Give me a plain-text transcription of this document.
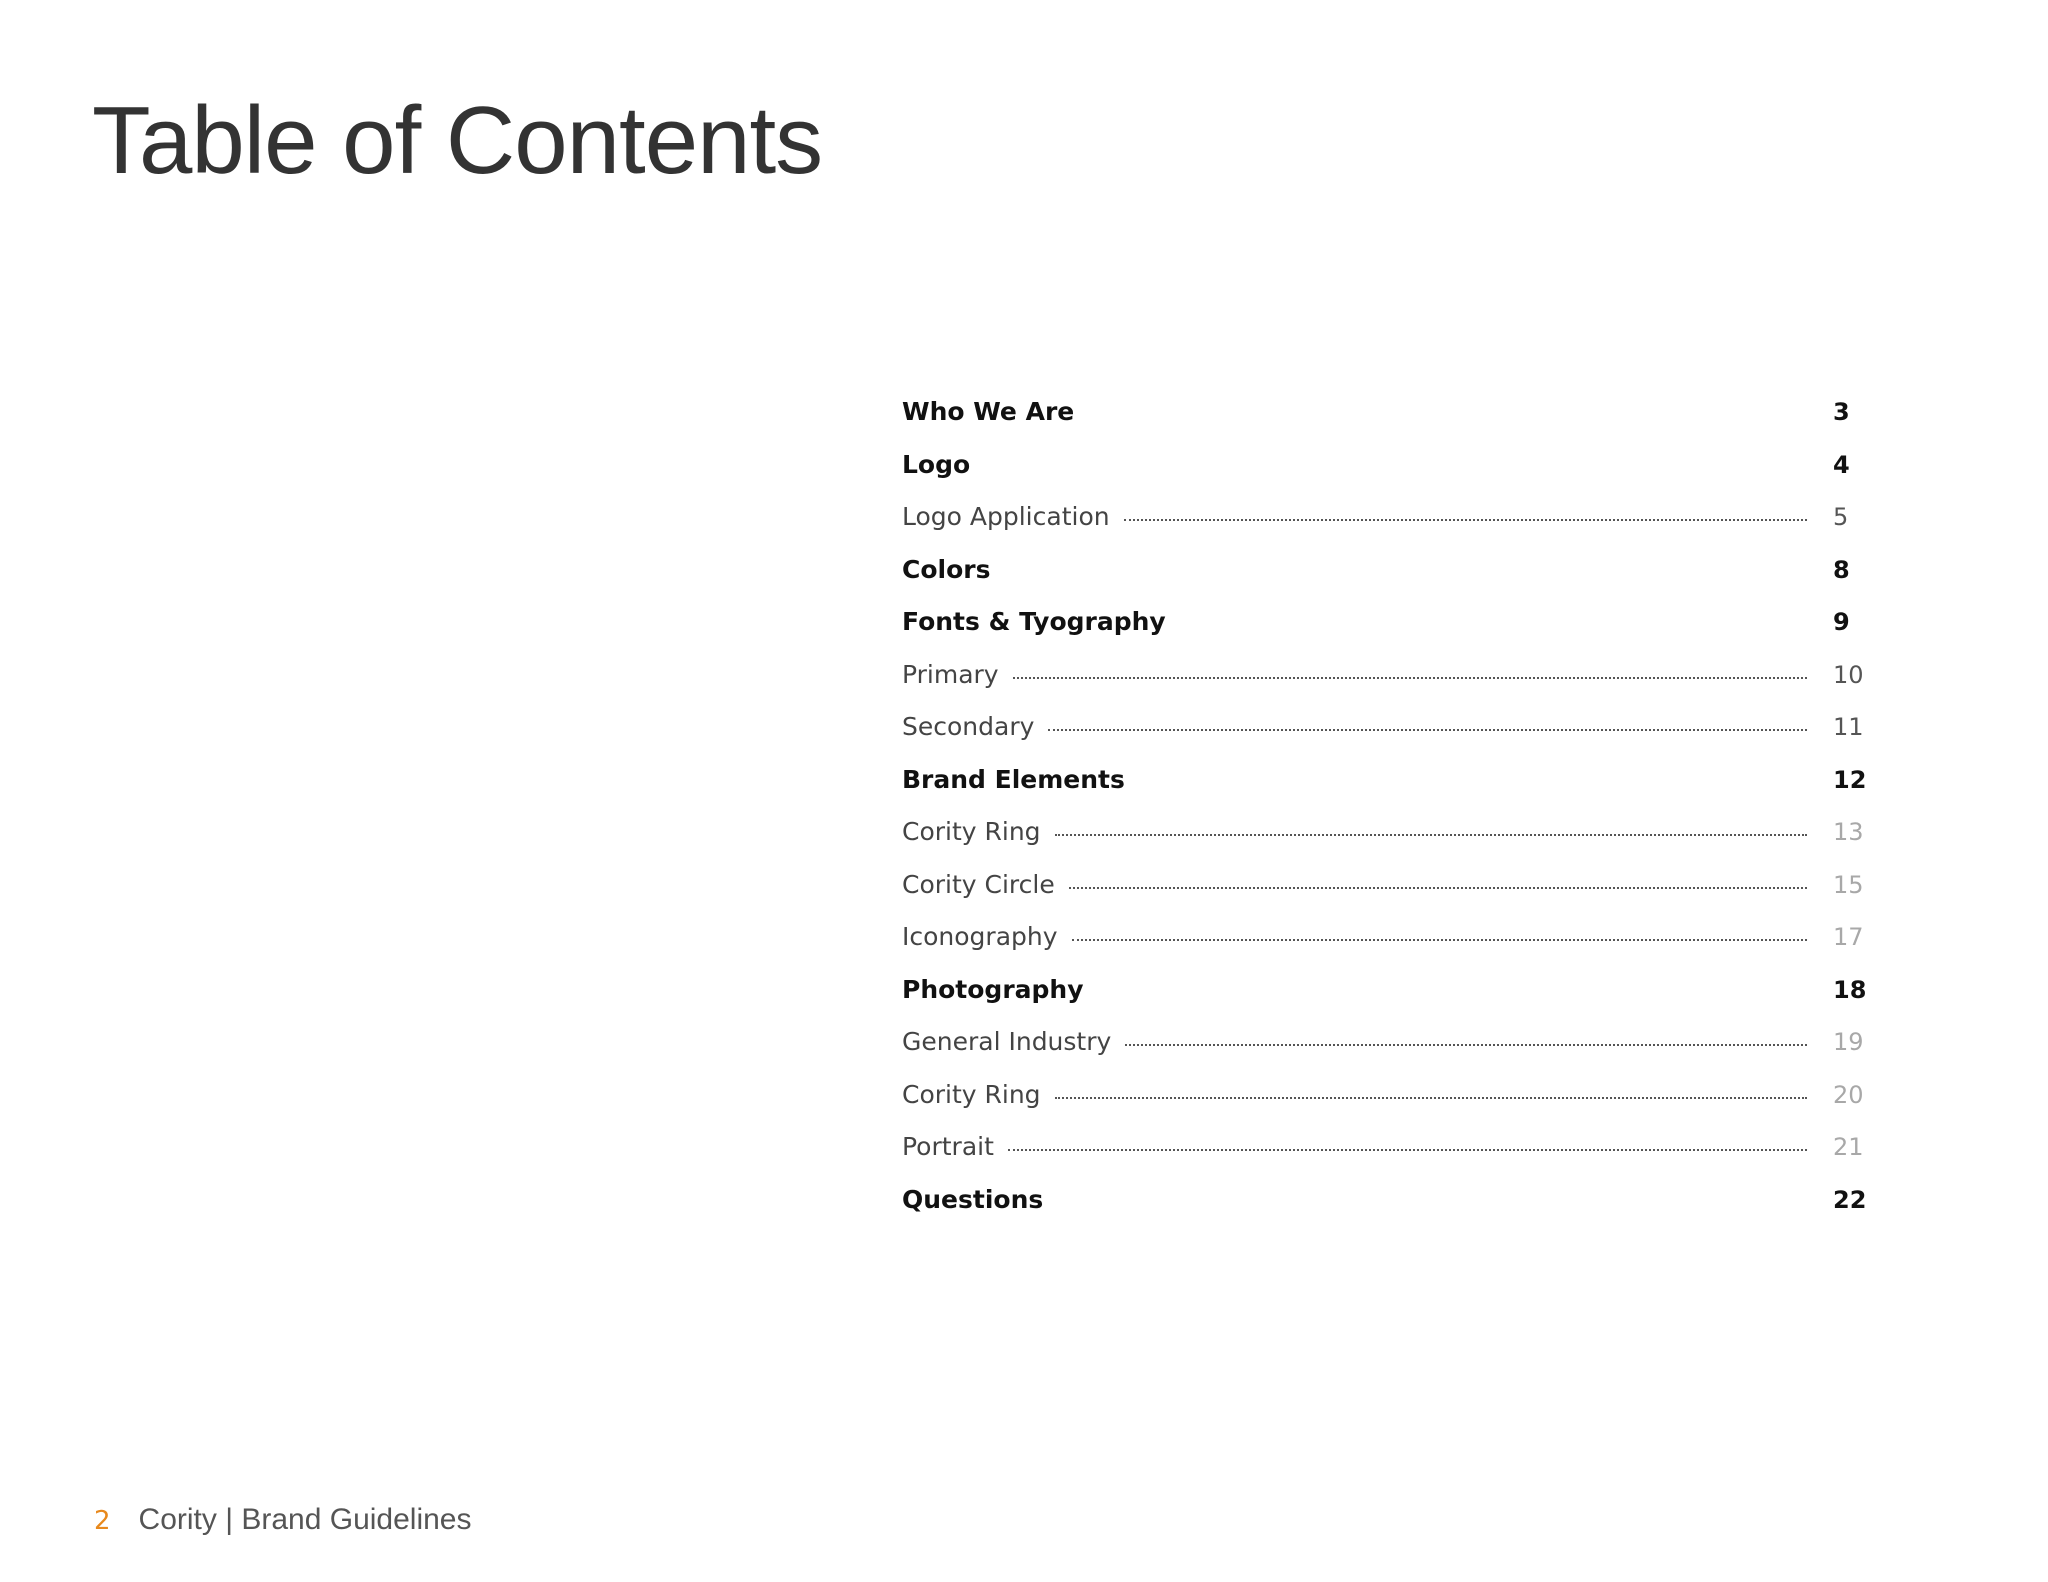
Table of Contents
Who We Are	3
Logo	4
Logo Application	5
Colors	8
Fonts & Tyography	9
Primary	10
Secondary	11
Brand Elements	12
Cority Ring	13
Cority Circle	15
Iconography	17
Photography	18
General Industry	19
Cority Ring	20
Portrait	21
Questions	22
2 Cority | Brand Guidelines
